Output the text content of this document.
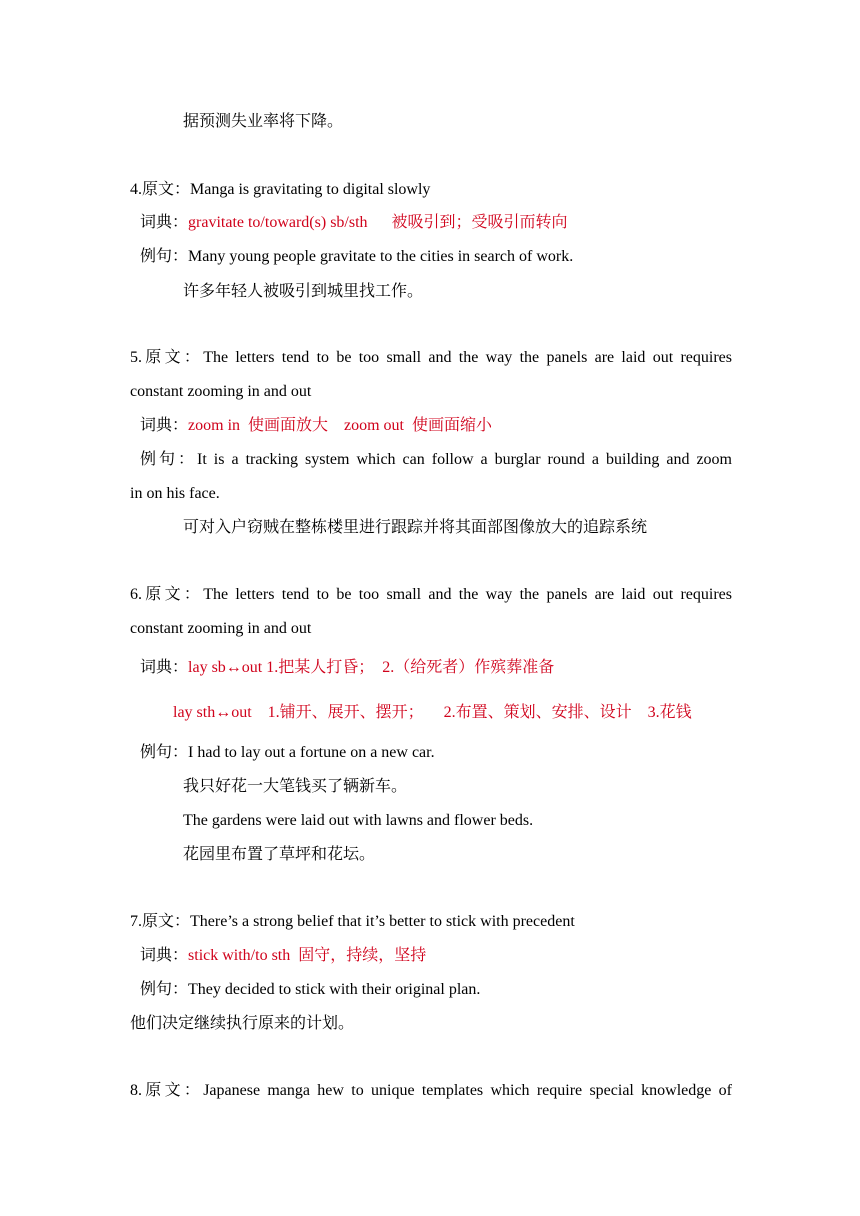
据预测失业率将下降。
4.原文：Manga is gravitating to digital slowly
词典：gravitate to/toward(s) sb/sth      被吸引到；受吸引而转向
例句：Many young people gravitate to the cities in search of work.
许多年轻人被吸引到城里找工作。
5.原文：The letters tend to be too small and the way the panels are laid out requires
constant zooming in and out
词典：zoom in  使画面放大    zoom out  使画面缩小
例句：It is a tracking system which can follow a burglar round a building and zoom
in on his face.
可对入户窃贼在整栋楼里进行跟踪并将其面部图像放大的追踪系统
6.原文：The letters tend to be too small and the way the panels are laid out requires
constant zooming in and out
词典：lay sb↔out 1.把某人打昏；  2.（给死者）作殡葬准备
lay sth↔out    1.铺开、展开、摆开；     2.布置、策划、安排、设计    3.花钱
例句：I had to lay out a fortune on a new car.
我只好花一大笔钱买了辆新车。
The gardens were laid out with lawns and flower beds.
花园里布置了草坪和花坛。
7.原文：There’s a strong belief that it’s better to stick with precedent
词典：stick with/to sth  固守，持续，坚持
例句：They decided to stick with their original plan.
他们决定继续执行原来的计划。
8.原文：Japanese manga hew to unique templates which require special knowledge of
